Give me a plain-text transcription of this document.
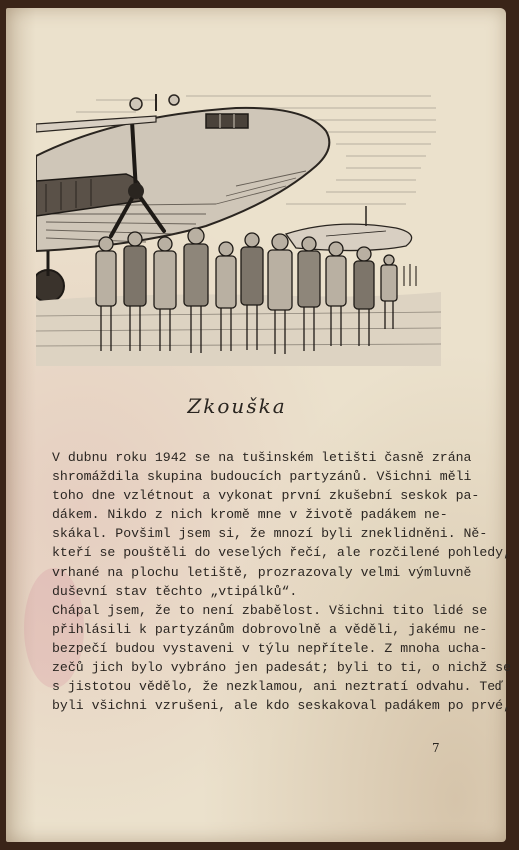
Zkouška
V dubnu roku 1942 se na tušinském letišti časně zrána
shromáždila skupina budoucích partyzánů. Všichni měli
toho dne vzlétnout a vykonat první zkušební seskok pa-
dákem. Nikdo z nich kromě mne v životě padákem ne-
skákal. Povšiml jsem si, že mnozí byli zneklidněni. Ně-
kteří se pouštěli do veselých řečí, ale rozčilené pohledy,
vrhané na plochu letiště, prozrazovaly velmi výmluvně
duševní stav těchto „vtipálků“.
Chápal jsem, že to není zbabělost. Všichni tito lidé se
přihlásili k partyzánům dobrovolně a věděli, jakému ne-
bezpečí budou vystaveni v týlu nepřítele. Z mnoha ucha-
zečů jich bylo vybráno jen padesát; byli to ti, o nichž se
s jistotou vědělo, že nezklamou, ani neztratí odvahu. Teď
byli všichni vzrušeni, ale kdo seskakoval padákem po prvé,
7
